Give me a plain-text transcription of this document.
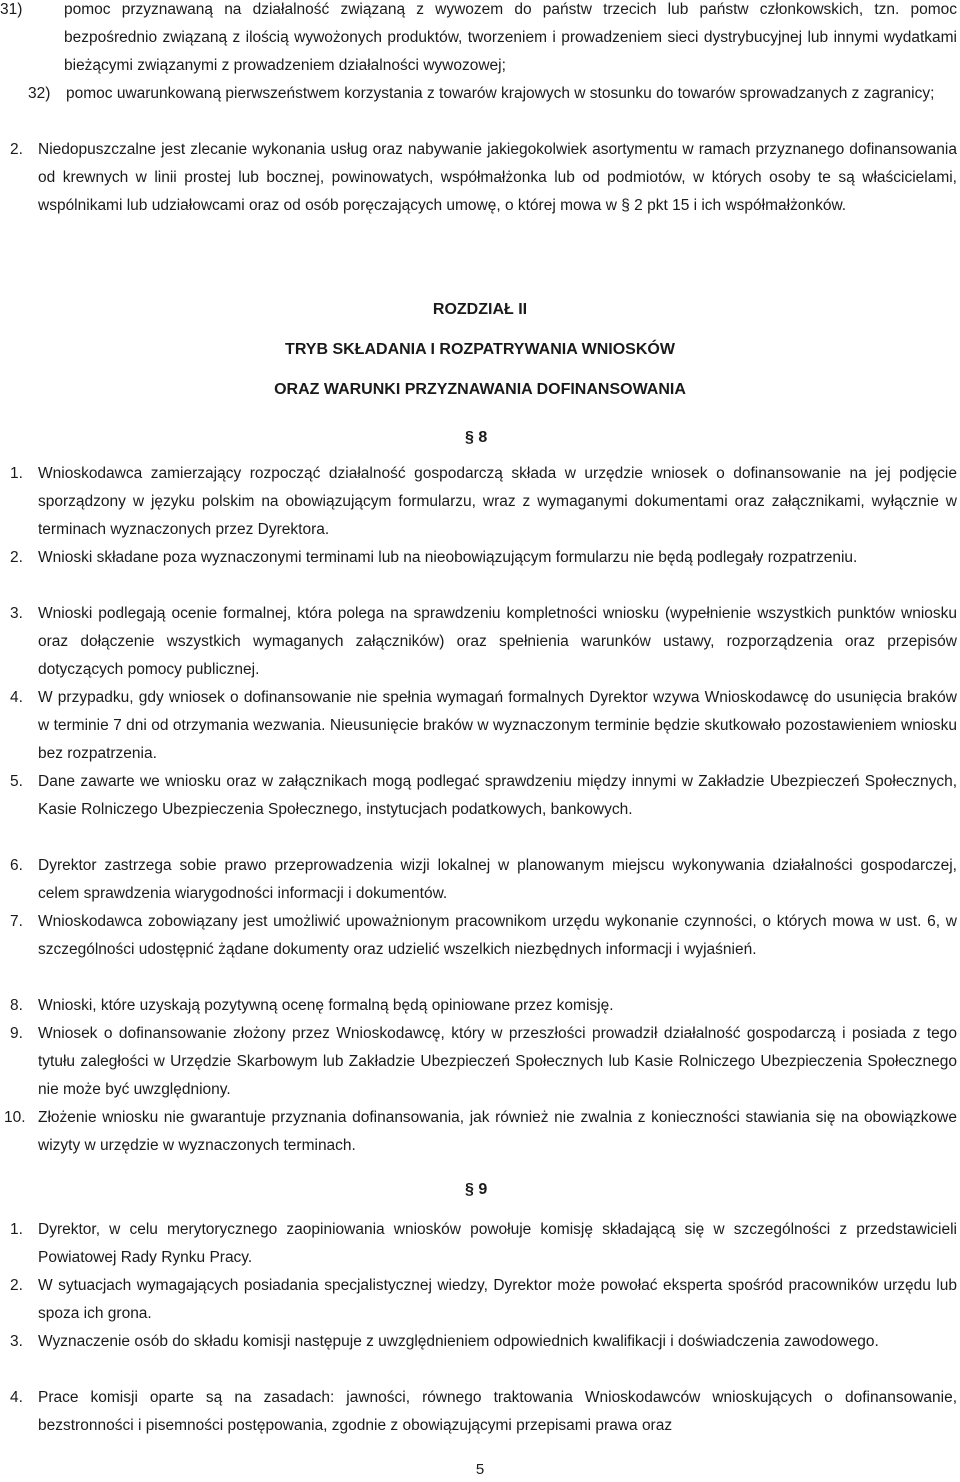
31)	pomoc przyznawaną na działalność związaną z wywozem do państw trzecich lub państw członkowskich, tzn. pomoc bezpośrednio związaną z ilością wywożonych produktów, tworzeniem i prowadzeniem sieci dystrybucyjnej lub innymi wydatkami bieżącymi związanymi z prowadzeniem działalności wywozowej;
32)	pomoc uwarunkowaną pierwszeństwem korzystania z towarów krajowych w stosunku do towarów sprowadzanych z zagranicy;
2. Niedopuszczalne jest zlecanie wykonania usług oraz nabywanie jakiegokolwiek asortymentu w ramach przyznanego dofinansowania od krewnych w linii prostej lub bocznej, powinowatych, współmałżonka lub od podmiotów, w których osoby te są właścicielami, wspólnikami lub udziałowcami oraz od osób poręczających umowę, o której mowa w § 2 pkt 15 i ich współmałżonków.
ROZDZIAŁ II
TRYB SKŁADANIA I ROZPATRYWANIA WNIOSKÓW
ORAZ WARUNKI PRZYZNAWANIA DOFINANSOWANIA
§ 8
1. Wnioskodawca zamierzający rozpocząć działalność gospodarczą składa w urzędzie wniosek o dofinansowanie na jej podjęcie sporządzony w języku polskim na obowiązującym formularzu, wraz z wymaganymi dokumentami oraz załącznikami, wyłącznie w terminach wyznaczonych przez Dyrektora.
2. Wnioski składane poza wyznaczonymi terminami lub na nieobowiązującym formularzu nie będą podlegały rozpatrzeniu.
3. Wnioski podlegają ocenie formalnej, która polega na sprawdzeniu kompletności wniosku (wypełnienie wszystkich punktów wniosku oraz dołączenie wszystkich wymaganych załączników) oraz spełnienia warunków ustawy, rozporządzenia oraz przepisów dotyczących pomocy publicznej.
4. W przypadku, gdy wniosek o dofinansowanie nie spełnia wymagań formalnych Dyrektor wzywa Wnioskodawcę do usunięcia braków w terminie 7 dni od otrzymania wezwania. Nieusunięcie braków w wyznaczonym terminie będzie skutkowało pozostawieniem wniosku bez rozpatrzenia.
5. Dane zawarte we wniosku oraz w załącznikach mogą podlegać sprawdzeniu między innymi w Zakładzie Ubezpieczeń Społecznych, Kasie Rolniczego Ubezpieczenia Społecznego, instytucjach podatkowych, bankowych.
6. Dyrektor zastrzega sobie prawo przeprowadzenia wizji lokalnej w planowanym miejscu wykonywania działalności gospodarczej, celem sprawdzenia wiarygodności informacji i dokumentów.
7. Wnioskodawca zobowiązany jest umożliwić upoważnionym pracownikom urzędu wykonanie czynności, o których mowa w ust. 6, w szczególności udostępnić żądane dokumenty oraz udzielić wszelkich niezbędnych informacji i wyjaśnień.
8. Wnioski, które uzyskają pozytywną ocenę formalną będą opiniowane przez komisję.
9. Wniosek o dofinansowanie złożony przez Wnioskodawcę, który w przeszłości prowadził działalność gospodarczą i posiada z tego tytułu zaległości w Urzędzie Skarbowym lub Zakładzie Ubezpieczeń Społecznych lub Kasie Rolniczego Ubezpieczenia Społecznego nie może być uwzględniony.
10. Złożenie wniosku nie gwarantuje przyznania dofinansowania, jak również nie zwalnia z konieczności stawiania się na obowiązkowe wizyty w urzędzie w wyznaczonych terminach.
§ 9
1. Dyrektor, w celu merytorycznego zaopiniowania wniosków powołuje komisję składającą się w szczególności z przedstawicieli Powiatowej Rady Rynku Pracy.
2. W sytuacjach wymagających posiadania specjalistycznej wiedzy, Dyrektor może powołać eksperta spośród pracowników urzędu lub spoza ich grona.
3. Wyznaczenie osób do składu komisji następuje z uwzględnieniem odpowiednich kwalifikacji i doświadczenia zawodowego.
4. Prace komisji oparte są na zasadach: jawności, równego traktowania Wnioskodawców wnioskujących o dofinansowanie, bezstronności i pisemności postępowania, zgodnie z obowiązującymi przepisami prawa oraz
5
